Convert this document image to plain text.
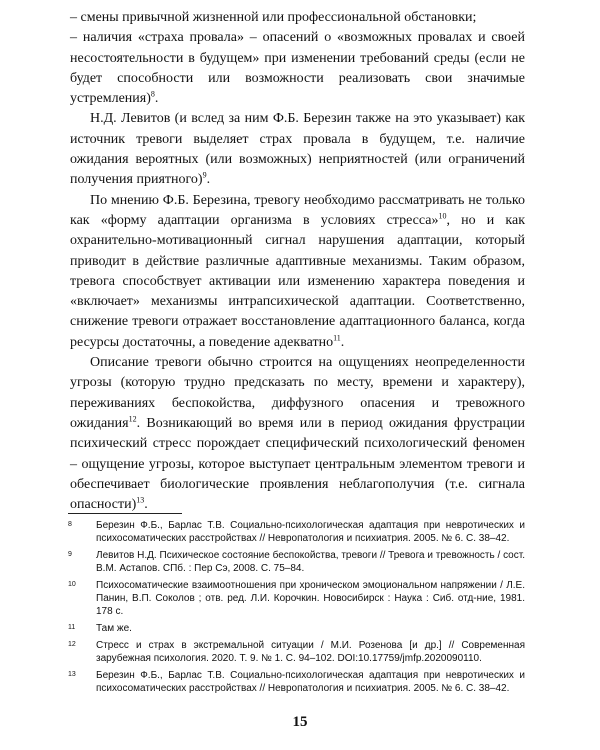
– смены привычной жизненной или профессиональной обстановки;

– наличия «страха провала» – опасений о «возможных провалах и своей несостоятельности в будущем» при изменении требований среды (если не будет способности или возможности реализовать свои значимые устремления)$^8$.

Н.Д. Левитов (и вслед за ним Ф.Б. Березин также на это указывает) как источник тревоги выделяет страх провала в будущем, т.е. наличие ожидания вероятных (или возможных) неприятностей (или ограничений получения приятного)$^9$.

По мнению Ф.Б. Березина, тревогу необходимо рассматривать не только как «форму адаптации организма в условиях стресса»$^{10}$, но и как охранительно-мотивационный сигнал нарушения адаптации, который приводит в действие различные адаптивные механизмы. Таким образом, тревога способствует активации или изменению характера поведения и «включает» механизмы интрапсихической адаптации. Соответственно, снижение тревоги отражает восстановление адаптационного баланса, когда ресурсы достаточны, а поведение адекватно$^{11}$.

Описание тревоги обычно строится на ощущениях неопределенности угрозы (которую трудно предсказать по месту, времени и характеру), переживаниях беспокойства, диффузного опасения и тревожного ожидания$^{12}$. Возникающий во время или в период ожидания фрустрации психический стресс порождает специфический психологический феномен – ощущение угрозы, которое выступает центральным элементом тревоги и обеспечивает биологические проявления неблагополучия (т.е. сигнала опасности)$^{13}$.

8 Березин Ф.Б., Барлас Т.В. Социально-психологическая адаптация при невротических и психосоматических расстройствах // Невропатология и психиатрия. 2005. № 6. С. 38–42.
9 Левитов Н.Д. Психическое состояние беспокойства, тревоги // Тревога и тревожность / сост. В.М. Астапов. СПб. : Пер Сэ, 2008. С. 75–84.
10 Психосоматические взаимоотношения при хроническом эмоциональном напряжении / Л.Е. Панин, В.П. Соколов ; отв. ред. Л.И. Корочкин. Новосибирск : Наука : Сиб. отд-ние, 1981. 178 с.
11 Там же.
12 Стресс и страх в экстремальной ситуации / М.И. Розенова [и др.] // Современная зарубежная психология. 2020. Т. 9. № 1. С. 94–102. DOI:10.17759/jmfp.2020090110.
13 Березин Ф.Б., Барлас Т.В. Социально-психологическая адаптация при невротических и психосоматических расстройствах // Невропатология и психиатрия. 2005. № 6. С. 38–42.
15
